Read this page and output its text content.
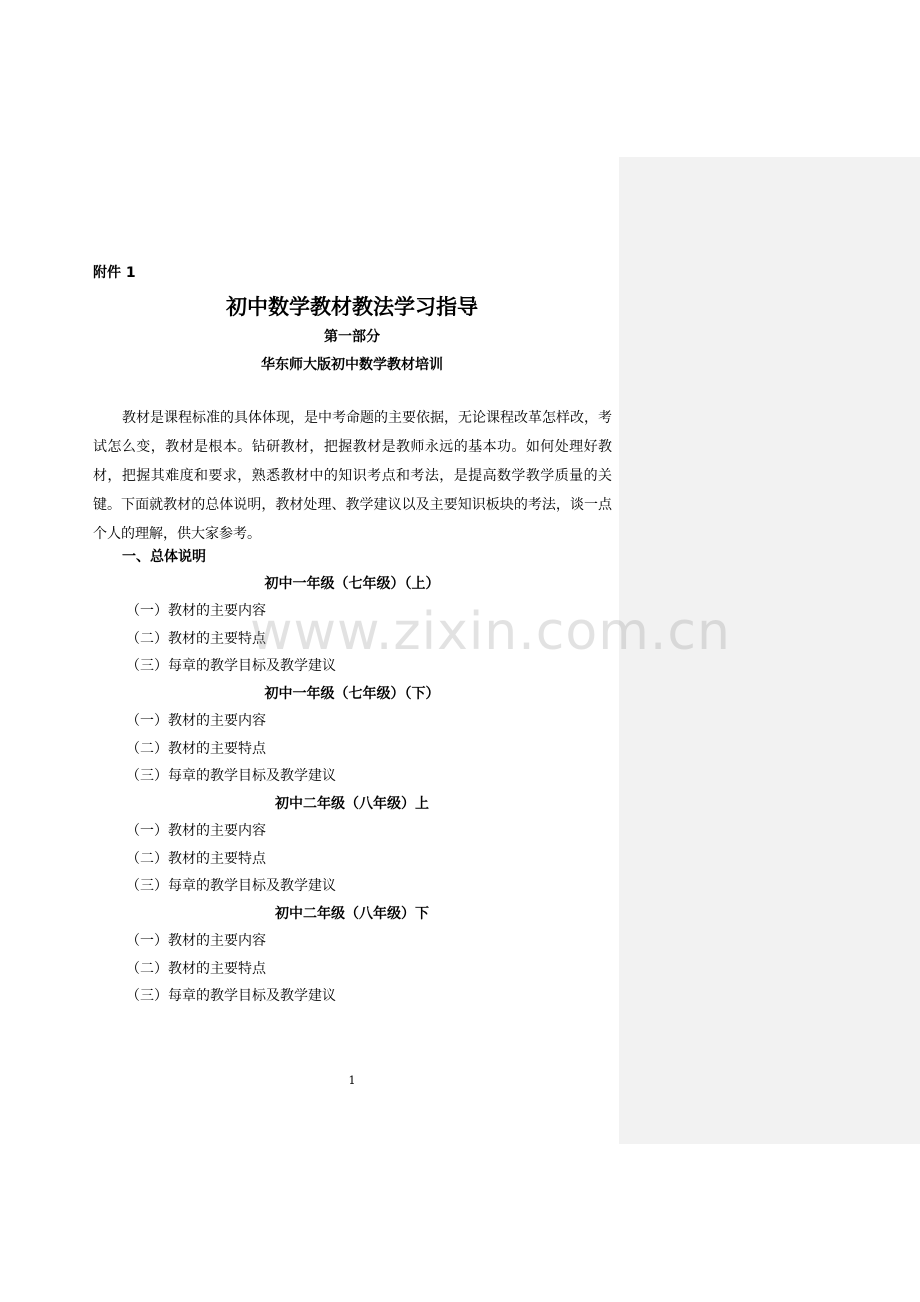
附件 1
初中数学教材教法学习指导
第一部分
华东师大版初中数学教材培训
教材是课程标准的具体体现，是中考命题的主要依据，无论课程改革怎样改，考试怎么变，教材是根本。钻研教材，把握教材是教师永远的基本功。如何处理好教材，把握其难度和要求，熟悉教材中的知识考点和考法，是提高数学教学质量的关键。下面就教材的总体说明，教材处理、教学建议以及主要知识板块的考法，谈一点个人的理解，供大家参考。
一、总体说明
初中一年级（七年级）（上）
（一）教材的主要内容
（二）教材的主要特点
（三）每章的教学目标及教学建议
初中一年级（七年级）（下）
（一）教材的主要内容
（二）教材的主要特点
（三）每章的教学目标及教学建议
初中二年级（八年级）上
（一）教材的主要内容
（二）教材的主要特点
（三）每章的教学目标及教学建议
初中二年级（八年级）下
（一）教材的主要内容
（二）教材的主要特点
（三）每章的教学目标及教学建议
www.zixin.com.cn
1
